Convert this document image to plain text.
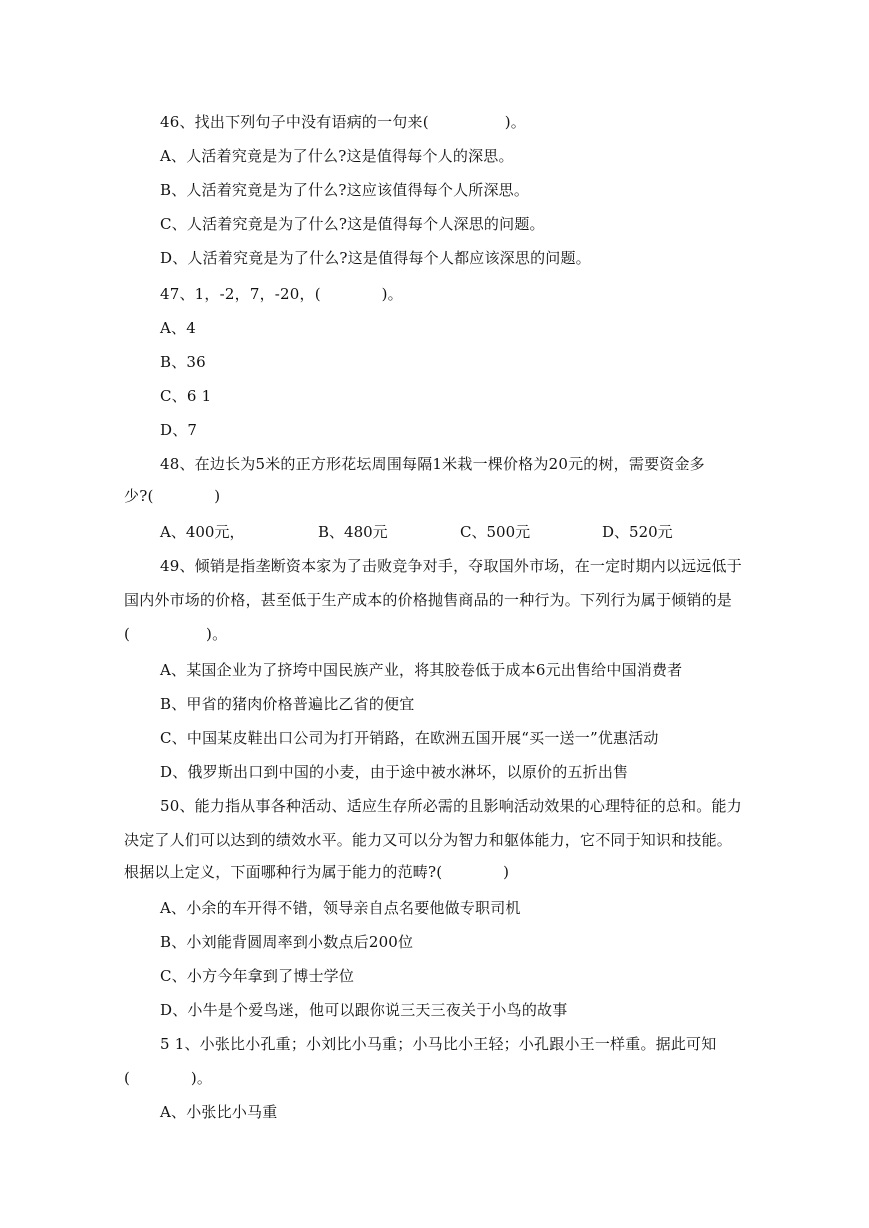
46、找出下列句子中没有语病的一句来(　　　　　)。
A、人活着究竟是为了什么?这是值得每个人的深思。
B、人活着究竟是为了什么?这应该值得每个人所深思。
C、人活着究竟是为了什么?这是值得每个人深思的问题。
D、人活着究竟是为了什么?这是值得每个人都应该深思的问题。
47、1，-2，7，-20，(　　　　)。
A、4
B、36
C、6 1
D、7
48、在边长为5米的正方形花坛周围每隔1米栽一棵价格为20元的树，需要资金多
少?(　　　　)
A、400元，	B、480元	C、500元	D、520元
49、倾销是指垄断资本家为了击败竞争对手，夺取国外市场，在一定时期内以远远低于
国内外市场的价格，甚至低于生产成本的价格抛售商品的一种行为。下列行为属于倾销的是
(　　　　　)。
A、某国企业为了挤垮中国民族产业，将其胶卷低于成本6元出售给中国消费者
B、甲省的猪肉价格普遍比乙省的便宜
C、中国某皮鞋出口公司为打开销路，在欧洲五国开展“买一送一”优惠活动
D、俄罗斯出口到中国的小麦，由于途中被水淋坏，以原价的五折出售
50、能力指从事各种活动、适应生存所必需的且影响活动效果的心理特征的总和。能力
决定了人们可以达到的绩效水平。能力又可以分为智力和躯体能力，它不同于知识和技能。
根据以上定义，下面哪种行为属于能力的范畴?(　　　　)
A、小余的车开得不错，领导亲自点名要他做专职司机
B、小刘能背圆周率到小数点后200位
C、小方今年拿到了博士学位
D、小牛是个爱鸟迷，他可以跟你说三天三夜关于小鸟的故事
5 1、小张比小孔重；小刘比小马重；小马比小王轻；小孔跟小王一样重。据此可知
(　　　　)。
A、小张比小马重
